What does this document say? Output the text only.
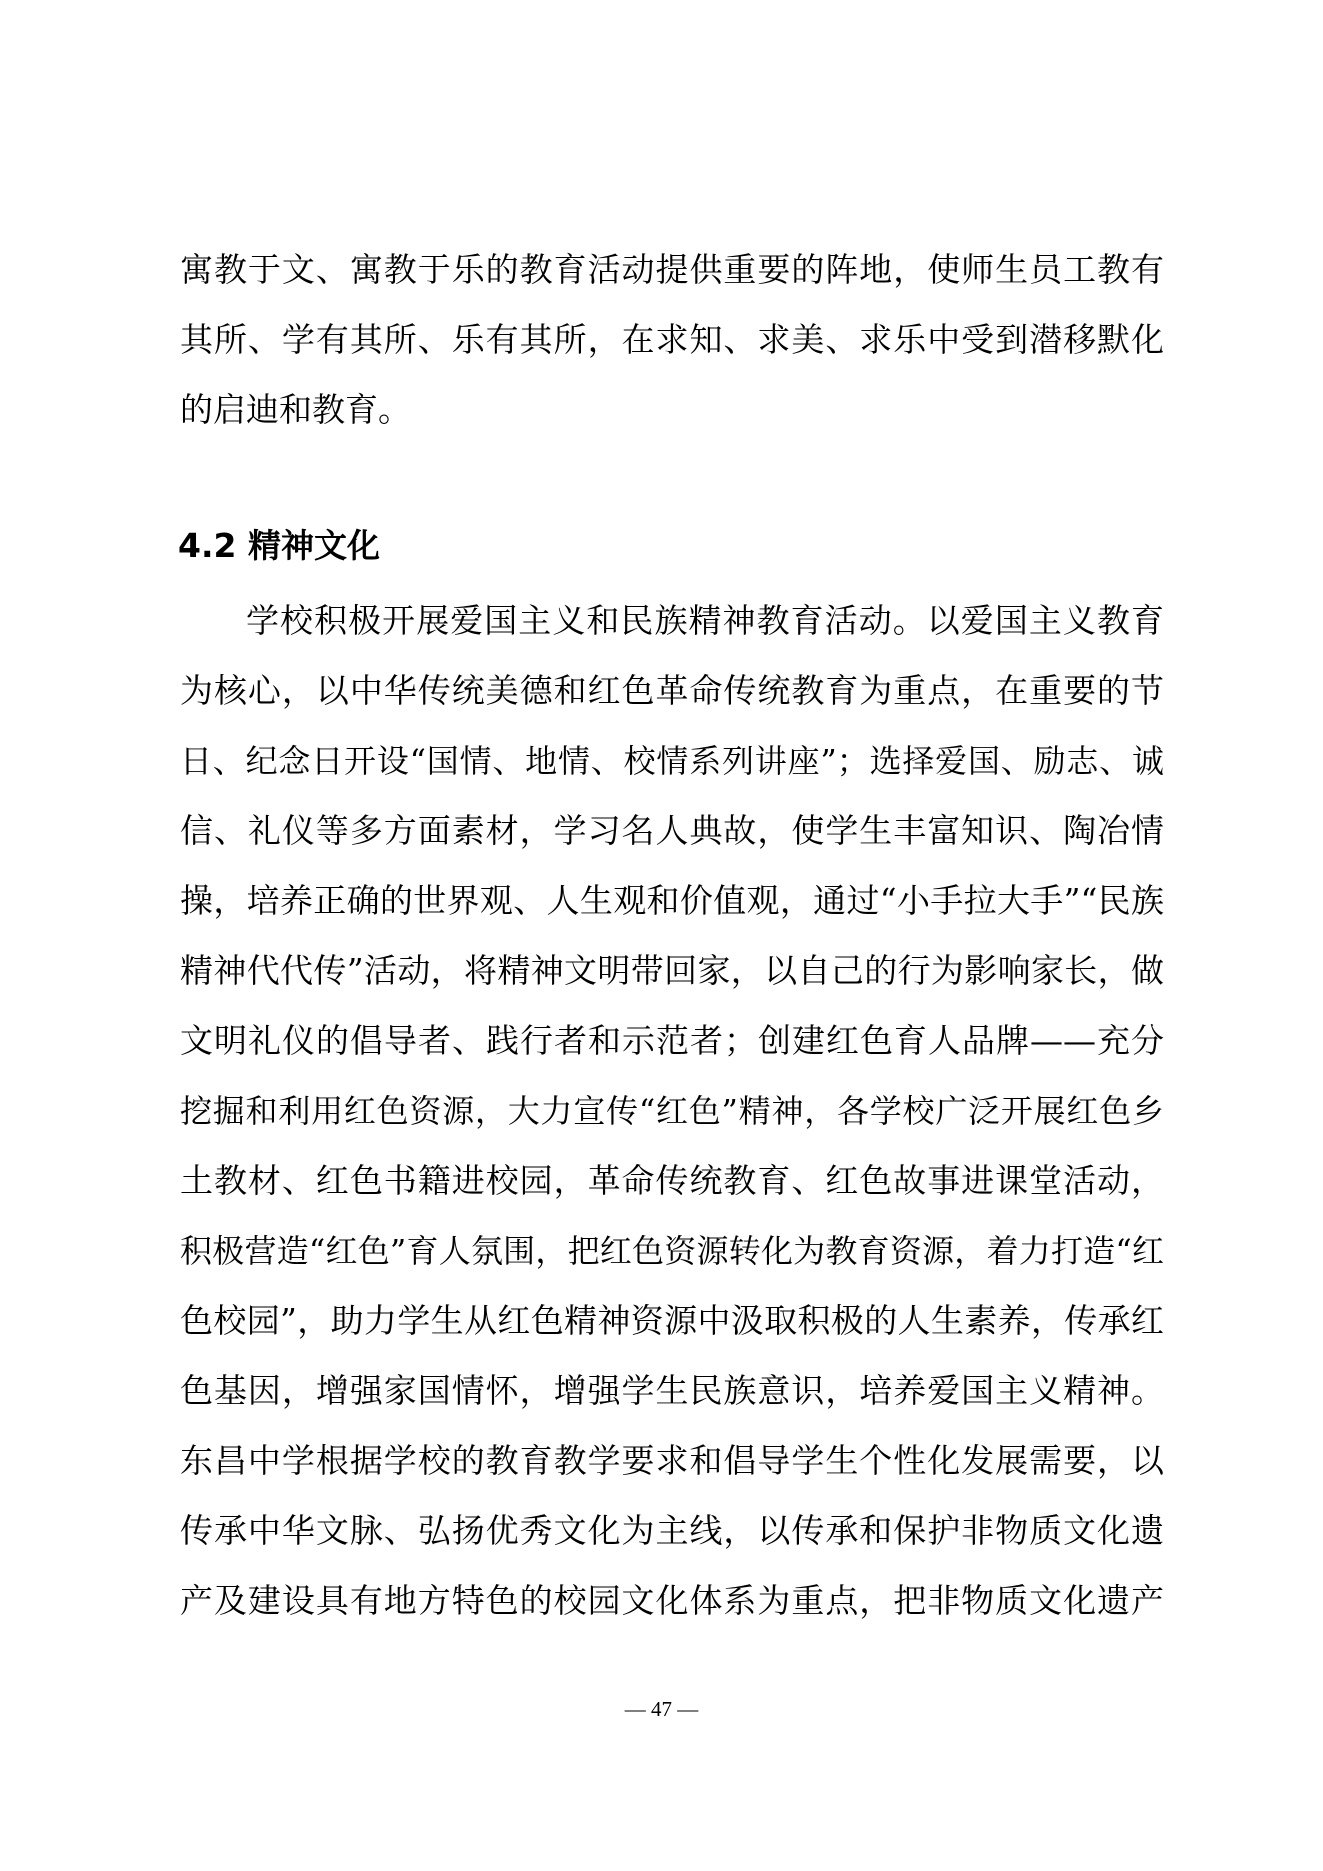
寓教于文、寓教于乐的教育活动提供重要的阵地，使师生员工教有
其所、学有其所、乐有其所，在求知、求美、求乐中受到潜移默化
的启迪和教育。
4.2 精神文化
学校积极开展爱国主义和民族精神教育活动。以爱国主义教育
为核心，以中华传统美德和红色革命传统教育为重点，在重要的节
日、纪念日开设“国情、地情、校情系列讲座”；选择爱国、励志、诚
信、礼仪等多方面素材，学习名人典故，使学生丰富知识、陶冶情
操，培养正确的世界观、人生观和价值观，通过“小手拉大手”“民族
精神代代传”活动，将精神文明带回家，以自己的行为影响家长，做
文明礼仪的倡导者、践行者和示范者；创建红色育人品牌——充分
挖掘和利用红色资源，大力宣传“红色”精神，各学校广泛开展红色乡
土教材、红色书籍进校园，革命传统教育、红色故事进课堂活动，
积极营造“红色”育人氛围，把红色资源转化为教育资源，着力打造“红
色校园”，助力学生从红色精神资源中汲取积极的人生素养，传承红
色基因，增强家国情怀，增强学生民族意识，培养爱国主义精神。
东昌中学根据学校的教育教学要求和倡导学生个性化发展需要，以
传承中华文脉、弘扬优秀文化为主线，以传承和保护非物质文化遗
产及建设具有地方特色的校园文化体系为重点，把非物质文化遗产
— 47 —
